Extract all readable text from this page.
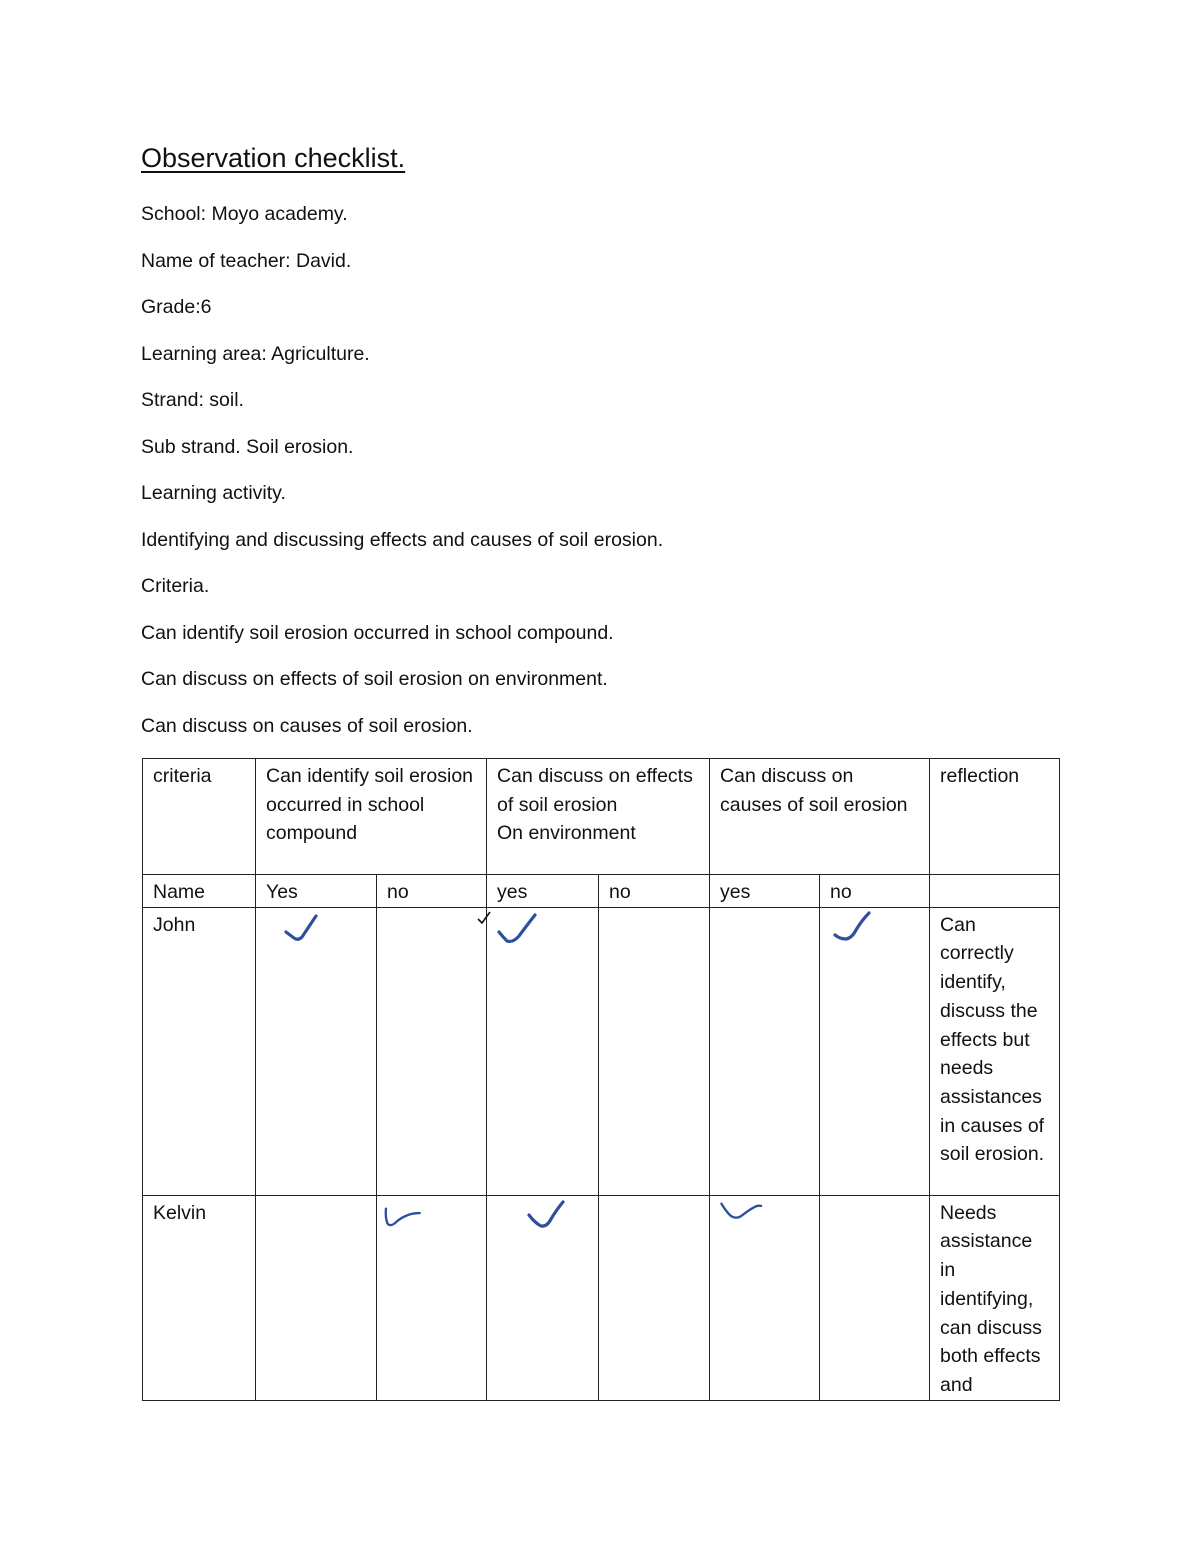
Observation checklist.

School: Moyo academy.

Name of teacher: David.

Grade:6

Learning area: Agriculture.

Strand: soil.

Sub strand. Soil erosion.

Learning activity.

Identifying and discussing effects and causes of soil erosion.

Criteria.

Can identify soil erosion occurred in school compound.

Can discuss on effects of soil erosion on environment.

Can discuss on causes of soil erosion.

criteria	Can identify soil erosion occurred in school compound		Can discuss on effects of soil erosion
On environment		Can discuss on causes of soil erosion		reflection
Name	Yes	no	yes	no	yes	no	
John							Can correctly identify, discuss the effects but needs assistances in causes of soil erosion.
Kelvin							Needs assistance in identifying, can discuss both effects and
